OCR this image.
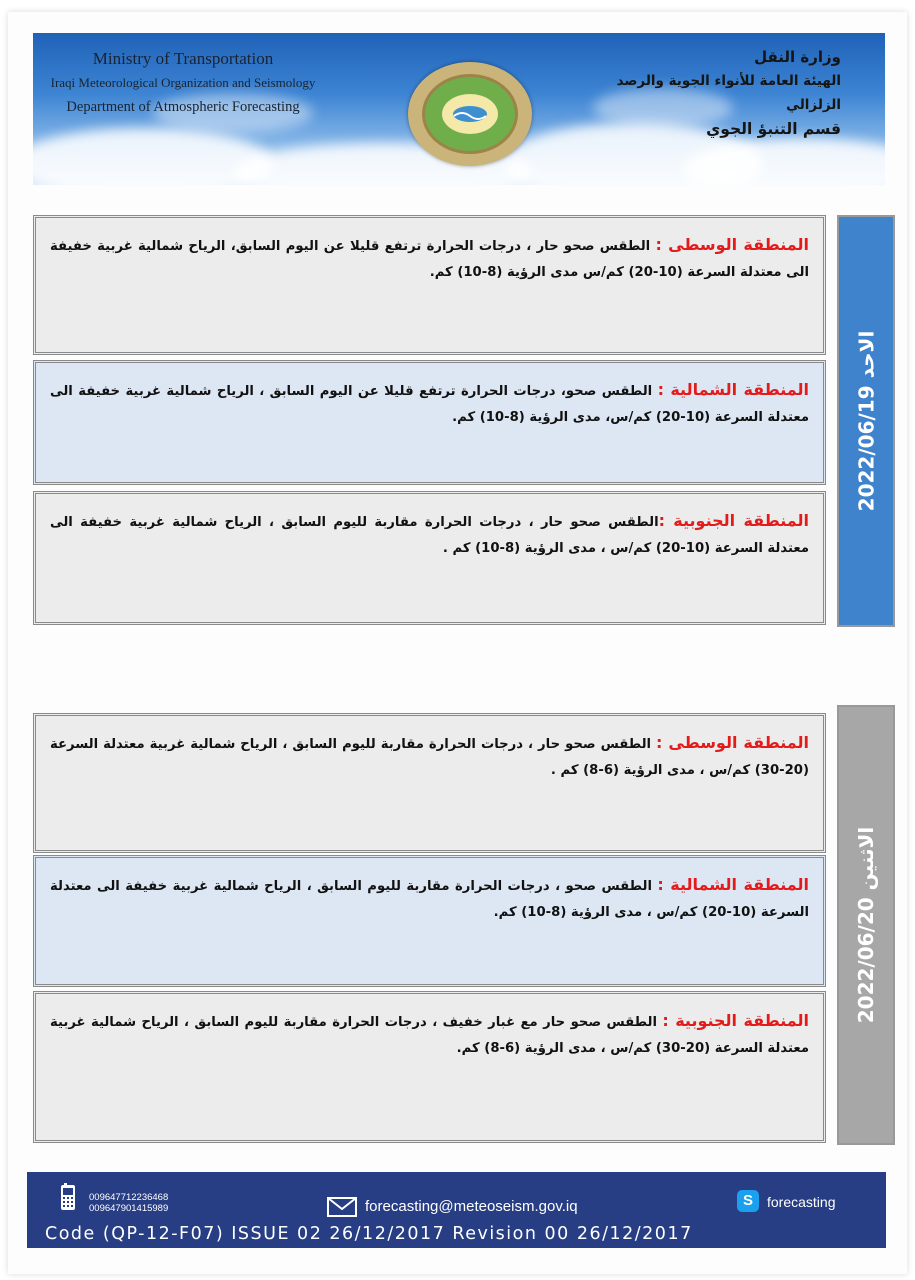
Ministry of Transportation
Iraqi Meteorological Organization and Seismology
Department of Atmospheric Forecasting
وزارة النقل
الهيئة العامة للأنواء الجوية والرصد الزلزالي
قسم التنبؤ الجوي
المنطقة الوسطى : الطقس صحو حار ، درجات الحرارة ترتفع قليلا عن اليوم السابق، الرياح شمالية غربية خفيفة الى معتدلة السرعة (10-20) كم/س مدى الرؤية (8-10) كم.
المنطقة الشمالية : الطقس صحو، درجات الحرارة ترتفع قليلا عن اليوم السابق ، الرياح شمالية غربية خفيفة الى معتدلة السرعة (10-20) كم/س، مدى الرؤية (8-10) كم.
المنطقة الجنوبية :الطقس صحو حار ، درجات الحرارة مقاربة لليوم السابق ، الرياح شمالية غربية خفيفة الى معتدلة السرعة (10-20) كم/س ، مدى الرؤية (8-10) كم .
الاحد 2022/06/19
المنطقة الوسطى : الطقس صحو حار ، درجات الحرارة مقاربة لليوم السابق ، الرياح شمالية غربية معتدلة السرعة (20-30) كم/س ، مدى الرؤية (6-8) كم .
المنطقة الشمالية : الطقس صحو ، درجات الحرارة مقاربة لليوم السابق ، الرياح شمالية غربية خفيفة الى معتدلة السرعة (10-20) كم/س ، مدى الرؤية (8-10) كم.
المنطقة الجنوبية : الطقس صحو حار مع غبار خفيف ، درجات الحرارة مقاربة لليوم السابق ، الرياح شمالية غربية معتدلة السرعة (20-30) كم/س ، مدى الرؤية (6-8) كم.
الاثنين 2022/06/20
009647712236468
009647901415989	forecasting@meteoseism.gov.iq	S	forecasting
Code (QP-12-F07) ISSUE 02 26/12/2017 Revision 00 26/12/2017
